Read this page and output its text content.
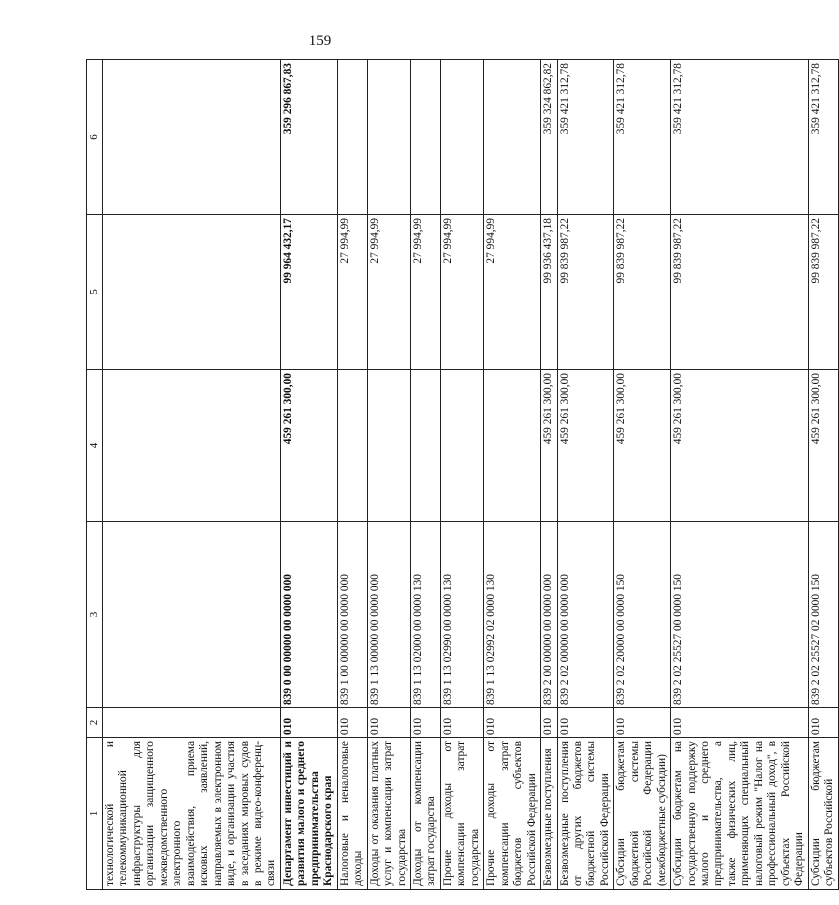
159
1	2	3	4	5	6
технологической и телекоммуникационной инфраструктуры для организации защищенного межведомственного электронного взаимодействия, приема исковых заявлений, направляемых в электронном виде, и организации участия в заседаниях мировых судов в режиме видео-конференц-связи					
Департамент инвестиций и развития малого и среднего предпринимательства Краснодарского края	010	839 0 00 00000 00 0000 000	459 261 300,00	99 964 432,17	359 296 867,83
Налоговые и неналоговые доходы	010	839 1 00 00000 00 0000 000		27 994,99	
Доходы от оказания платных услуг и компенсации затрат государства	010	839 1 13 00000 00 0000 000		27 994,99	
Доходы от компенсации затрат государства	010	839 1 13 02000 00 0000 130		27 994,99	
Прочие доходы от компенсации затрат государства	010	839 1 13 02990 00 0000 130		27 994,99	
Прочие доходы от компенсации затрат бюджетов субъектов Российской Федерации	010	839 1 13 02992 02 0000 130		27 994,99	
Безвозмездные поступления	010	839 2 00 00000 00 0000 000	459 261 300,00	99 936 437,18	359 324 862,82
Безвозмездные поступления от других бюджетов бюджетной системы Российской Федерации	010	839 2 02 00000 00 0000 000	459 261 300,00	99 839 987,22	359 421 312,78
Субсидии бюджетам бюджетной системы Российской Федерации (межбюджетные субсидии)	010	839 2 02 20000 00 0000 150	459 261 300,00	99 839 987,22	359 421 312,78
Субсидии бюджетам на государственную поддержку малого и среднего предпринимательства, а также физических лиц, применяющих специальный налоговый режим "Налог на профессиональный доход", в субъектах Российской Федерации	010	839 2 02 25527 00 0000 150	459 261 300,00	99 839 987,22	359 421 312,78
Субсидии бюджетам субъектов Российской	010	839 2 02 25527 02 0000 150	459 261 300,00	99 839 987,22	359 421 312,78
